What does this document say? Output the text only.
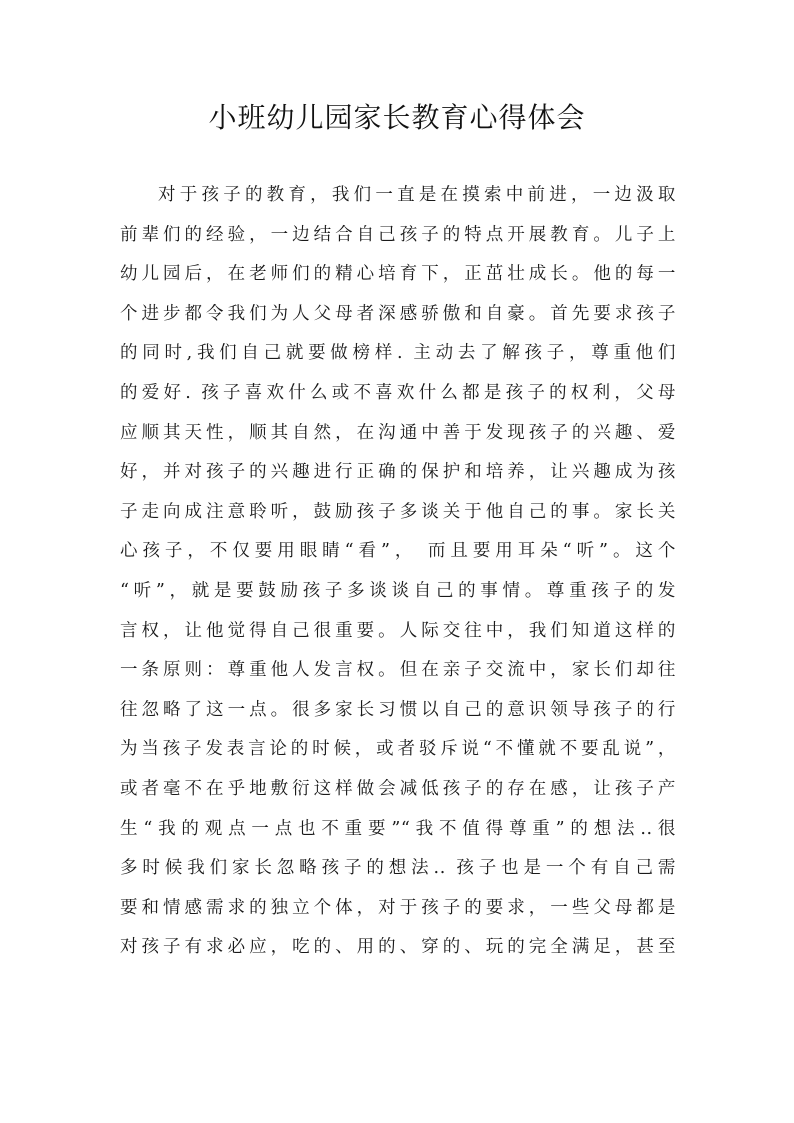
小班幼儿园家长教育心得体会
对于孩子的教育，我们一直是在摸索中前进，一边汲取
前辈们的经验，一边结合自己孩子的特点开展教育。儿子上
幼儿园后，在老师们的精心培育下，正茁壮成长。他的每一
个进步都令我们为人父母者深感骄傲和自豪。首先要求孩子
的同时,我们自己就要做榜样. 主动去了解孩子，尊重他们
的爱好. 孩子喜欢什么或不喜欢什么都是孩子的权利，父母
应顺其天性，顺其自然，在沟通中善于发现孩子的兴趣、爱
好，并对孩子的兴趣进行正确的保护和培养，让兴趣成为孩
子走向成注意聆听，鼓励孩子多谈关于他自己的事。家长关
心孩子，不仅要用眼睛“看”， 而且要用耳朵“听”。这个
“听”，就是要鼓励孩子多谈谈自己的事情。尊重孩子的发
言权，让他觉得自己很重要。人际交往中，我们知道这样的
一条原则：尊重他人发言权。但在亲子交流中，家长们却往
往忽略了这一点。很多家长习惯以自己的意识领导孩子的行
为当孩子发表言论的时候，或者驳斥说“不懂就不要乱说”，
或者毫不在乎地敷衍这样做会减低孩子的存在感，让孩子产
生“我的观点一点也不重要”“我不值得尊重”的想法..很
多时候我们家长忽略孩子的想法.. 孩子也是一个有自己需
要和情感需求的独立个体，对于孩子的要求，一些父母都是
对孩子有求必应，吃的、用的、穿的、玩的完全满足，甚至
